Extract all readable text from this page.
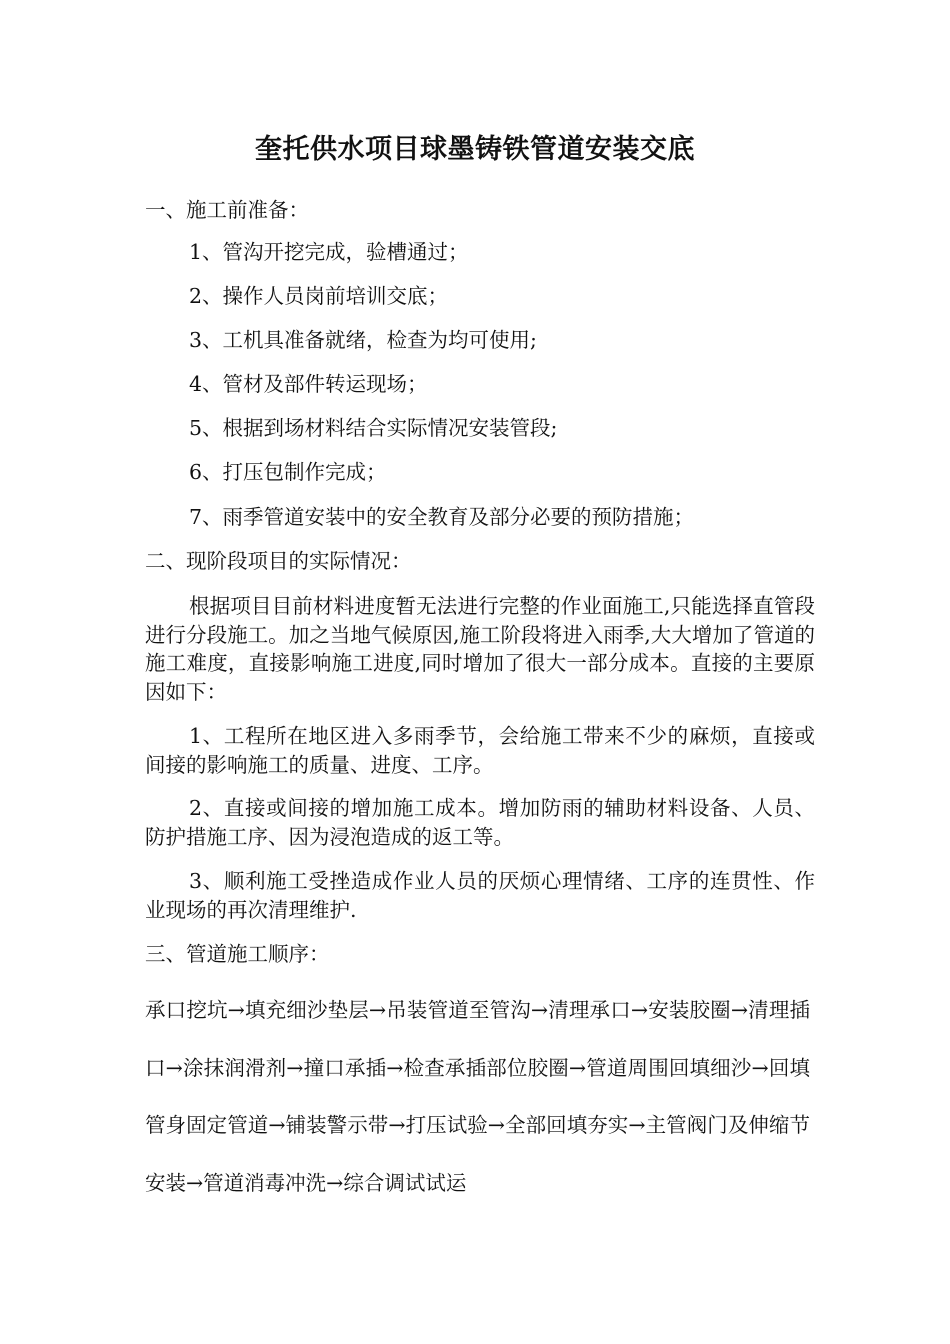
奎托供水项目球墨铸铁管道安装交底
一、施工前准备：
1、管沟开挖完成，验槽通过；
2、操作人员岗前培训交底；
3、工机具准备就绪，检查为均可使用;
4、管材及部件转运现场；
5、根据到场材料结合实际情况安装管段;
6、打压包制作完成；
7、雨季管道安装中的安全教育及部分必要的预防措施；
二、现阶段项目的实际情况：
根据项目目前材料进度暂无法进行完整的作业面施工,只能选择直管段进行分段施工。加之当地气候原因,施工阶段将进入雨季,大大增加了管道的施工难度，直接影响施工进度,同时增加了很大一部分成本。直接的主要原因如下：
1、工程所在地区进入多雨季节，会给施工带来不少的麻烦，直接或间接的影响施工的质量、进度、工序。
2、直接或间接的增加施工成本。增加防雨的辅助材料设备、人员、防护措施工序、因为浸泡造成的返工等。
3、顺利施工受挫造成作业人员的厌烦心理情绪、工序的连贯性、作业现场的再次清理维护.
三、管道施工顺序：
承口挖坑→填充细沙垫层→吊装管道至管沟→清理承口→安装胶圈→清理插口→涂抹润滑剂→撞口承插→检查承插部位胶圈→管道周围回填细沙→回填管身固定管道→铺装警示带→打压试验→全部回填夯实→主管阀门及伸缩节安装→管道消毒冲洗→综合调试试运
